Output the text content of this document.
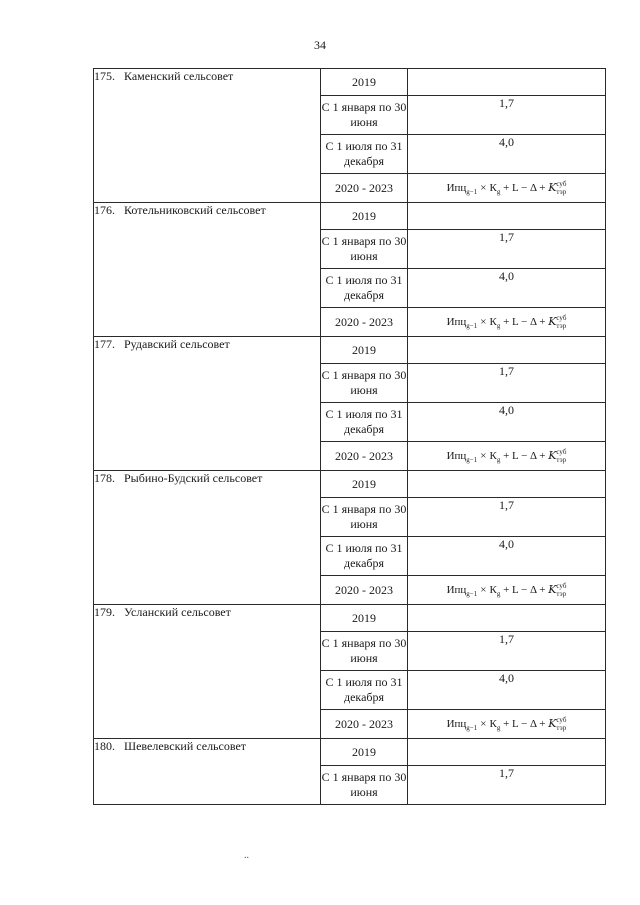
34
175. Каменский сельсовет	2019	
	С 1 января по 30 июня	1,7
	С 1 июля по 31 декабря	4,0
	2020 - 2023	$Ипц_{g-1} \times К_g + L - \Delta + K$ суб
тэр

176. Котельниковский сельсовет	2019	
	С 1 января по 30 июня	1,7
	С 1 июля по 31 декабря	4,0
	2020 - 2023	$Ипц_{g-1} \times К_g + L - \Delta + K$ суб
тэр

177. Рудавский сельсовет	2019	
	С 1 января по 30 июня	1,7
	С 1 июля по 31 декабря	4,0
	2020 - 2023	$Ипц_{g-1} \times К_g + L - \Delta + K$ суб
тэр

178. Рыбино-Будский сельсовет	2019	
	С 1 января по 30 июня	1,7
	С 1 июля по 31 декабря	4,0
	2020 - 2023	$Ипц_{g-1} \times К_g + L - \Delta + K$ суб
тэр

179. Усланский сельсовет	2019	
	С 1 января по 30 июня	1,7
	С 1 июля по 31 декабря	4,0
	2020 - 2023	$Ипц_{g-1} \times К_g + L - \Delta + K$ суб
тэр

180. Шевелевский сельсовет	2019	
	С 1 января по 30 июня	1,7
..
